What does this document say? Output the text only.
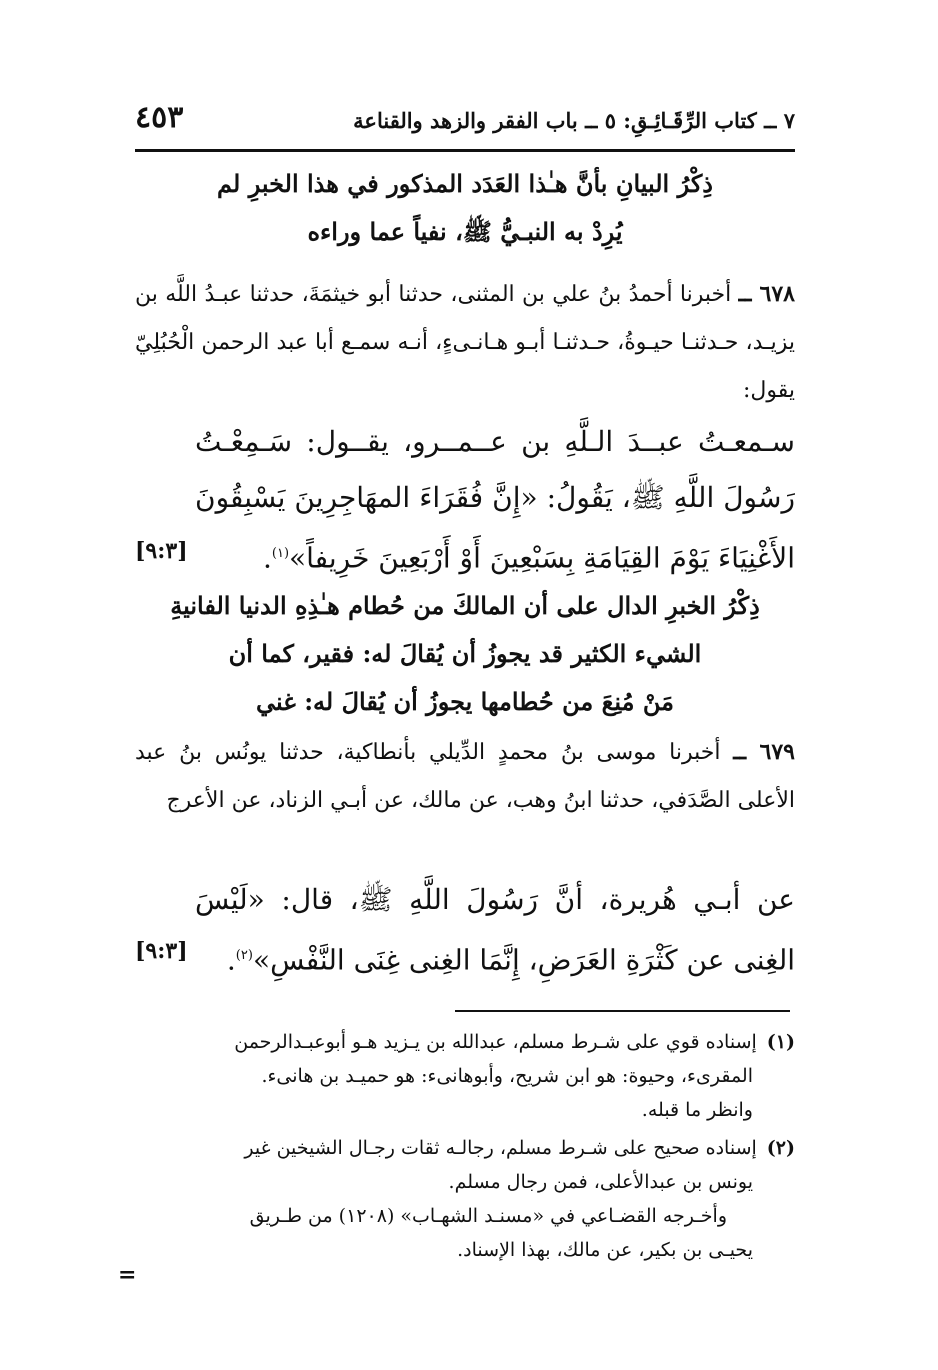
٧ ــ كتاب الرِّقَـائِـقِ: ٥ ــ باب الفقر والزهد والقناعة
٤٥٣
ذِكْرُ البيانِ بأنَّ هـٰذا العَدَد المذكور في هذا الخبرِ لم
يُرِدْ به النبـيُّ ﷺ، نفياً عما وراءه
٦٧٨ ــ أخبرنا أحمدُ بنُ علي بن المثنى، حدثنا أبو خيثمَةَ، حدثنا عبـدُ اللَّه بن يزيـد، حـدثنـا حيـوةُ، حـدثنـا أبـو هـانـىءٍ، أنـه سمـع أبا عبد الرحمن الْحُبُلِيّ يقول:
سـمعـتُ عبــدَ الـلَّهِ بن عــمــرو، يقــول: سَـمِعْـتُ رَسُولَ اللَّهِ ﷺ، يَقُولُ: «إِنَّ فُقَرَاءَ المهَاجِرِينَ يَسْبِقُونَ الأَغْنِيَاءَ يَوْمَ القِيَامَةِ بِسَبْعِينَ أَوْ أَرْبَعِينَ خَرِيفاً»$^{(١)}$.
[٩:٣]
ذِكْرُ الخبرِ الدال على أن المالكَ من حُطام هـٰذِهِ الدنيا الفانيةِ
الشيء الكثير قد يجوزُ أن يُقالَ له: فقير، كما أن
مَنْ مُنِعَ من حُطامها يجوزُ أن يُقالَ له: غني
٦٧٩ ــ أخبرنا موسى بنُ محمدٍ الدِّيلي بأنطاكية، حدثنا يونُس بنُ عبد الأعلى الصَّدَفي، حدثنا ابنُ وهب، عن مالك، عن أبـي الزناد، عن الأعرج
عن أبـي هُريرة، أنَّ رَسُولَ اللَّهِ ﷺ، قال: «لَيْسَ الغِنى عن كَثْرَةِ العَرَضِ، إِنَّمَا الغِنى غِنَى النَّفْسِ»$^{(٢)}$.
[٩:٣]
(١)إسناده قوي على شـرط مسلم، عبدالله بن يـزيد هـو أبوعبـدالرحمن
المقرىء، وحيوة: هو ابن شريح، وأبوهانىء: هو حميـد بن هانىء.
وانظر ما قبله.
(٢)إسناده صحيح على شـرط مسلم، رجالـه ثقات رجـال الشيخين غير
يونس بن عبدالأعلى، فمن رجال مسلم.
وأخـرجه القضـاعي في «مسنـد الشهـاب» (١٢٠٨) من طـريق
يحيـى بن بكير، عن مالك، بهذا الإسناد.
=
